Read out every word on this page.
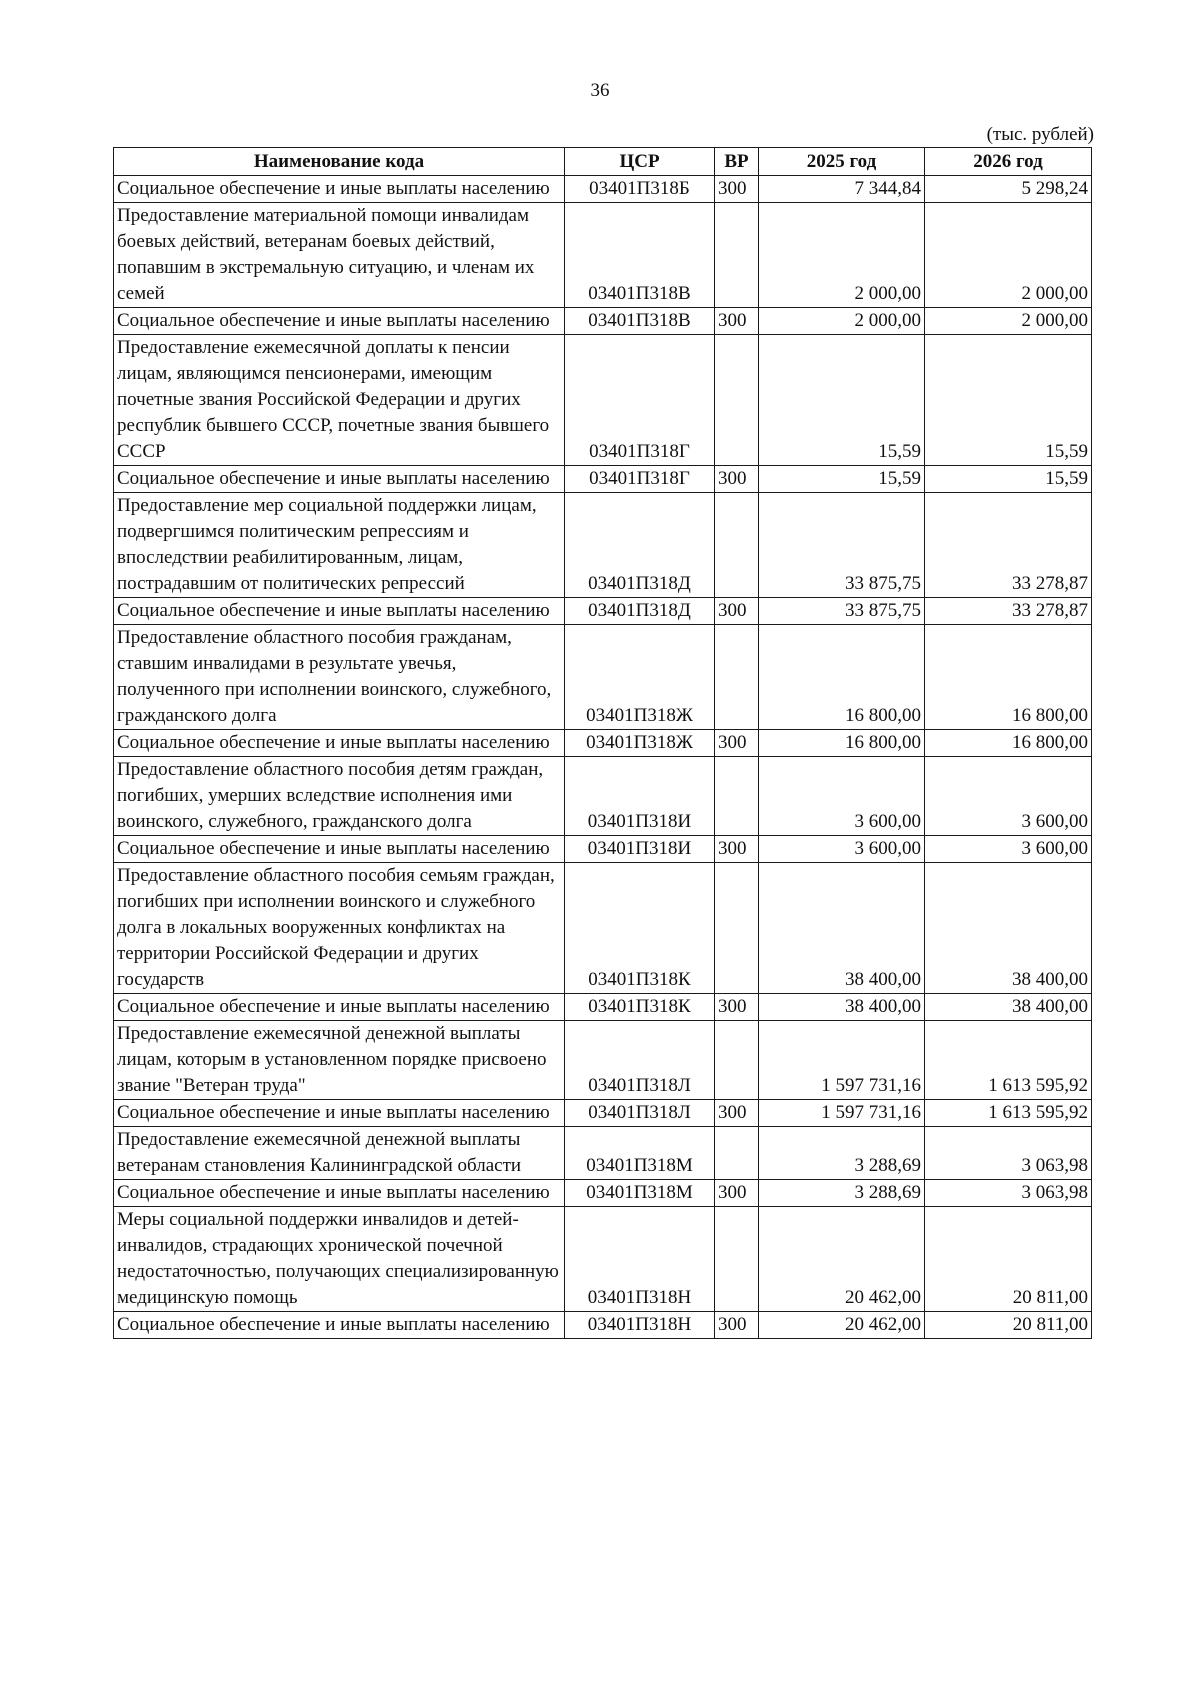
36
(тыс. рублей)
Наименование кода	ЦСР	ВР	2025 год	2026 год
Социальное обеспечение и иные выплаты населению	03401П318Б	300	7 344,84	5 298,24
Предоставление материальной помощи инвалидам боевых действий, ветеранам боевых действий, попавшим в экстремальную ситуацию, и членам их семей	03401П318В		2 000,00	2 000,00
Социальное обеспечение и иные выплаты населению	03401П318В	300	2 000,00	2 000,00
Предоставление ежемесячной доплаты к пенсии лицам, являющимся пенсионерами, имеющим почетные звания Российской Федерации и других республик бывшего СССР, почетные звания бывшего СССР	03401П318Г		15,59	15,59
Социальное обеспечение и иные выплаты населению	03401П318Г	300	15,59	15,59
Предоставление мер социальной поддержки лицам, подвергшимся политическим репрессиям и впоследствии реабилитированным, лицам, пострадавшим от политических репрессий	03401П318Д		33 875,75	33 278,87
Социальное обеспечение и иные выплаты населению	03401П318Д	300	33 875,75	33 278,87
Предоставление областного пособия гражданам, ставшим инвалидами в результате увечья, полученного при исполнении воинского, служебного, гражданского долга	03401П318Ж		16 800,00	16 800,00
Социальное обеспечение и иные выплаты населению	03401П318Ж	300	16 800,00	16 800,00
Предоставление областного пособия детям граждан, погибших, умерших вследствие исполнения ими воинского, служебного, гражданского долга	03401П318И		3 600,00	3 600,00
Социальное обеспечение и иные выплаты населению	03401П318И	300	3 600,00	3 600,00
Предоставление областного пособия семьям граждан, погибших при исполнении воинского и служебного долга в локальных вооруженных конфликтах на территории Российской Федерации и других государств	03401П318К		38 400,00	38 400,00
Социальное обеспечение и иные выплаты населению	03401П318К	300	38 400,00	38 400,00
Предоставление ежемесячной денежной выплаты лицам, которым в установленном порядке присвоено звание "Ветеран труда"	03401П318Л		1 597 731,16	1 613 595,92
Социальное обеспечение и иные выплаты населению	03401П318Л	300	1 597 731,16	1 613 595,92
Предоставление ежемесячной денежной выплаты ветеранам становления Калининградской области	03401П318М		3 288,69	3 063,98
Социальное обеспечение и иные выплаты населению	03401П318М	300	3 288,69	3 063,98
Меры социальной поддержки инвалидов и детей-инвалидов, страдающих хронической почечной недостаточностью, получающих специализированную медицинскую помощь	03401П318Н		20 462,00	20 811,00
Социальное обеспечение и иные выплаты населению	03401П318Н	300	20 462,00	20 811,00
